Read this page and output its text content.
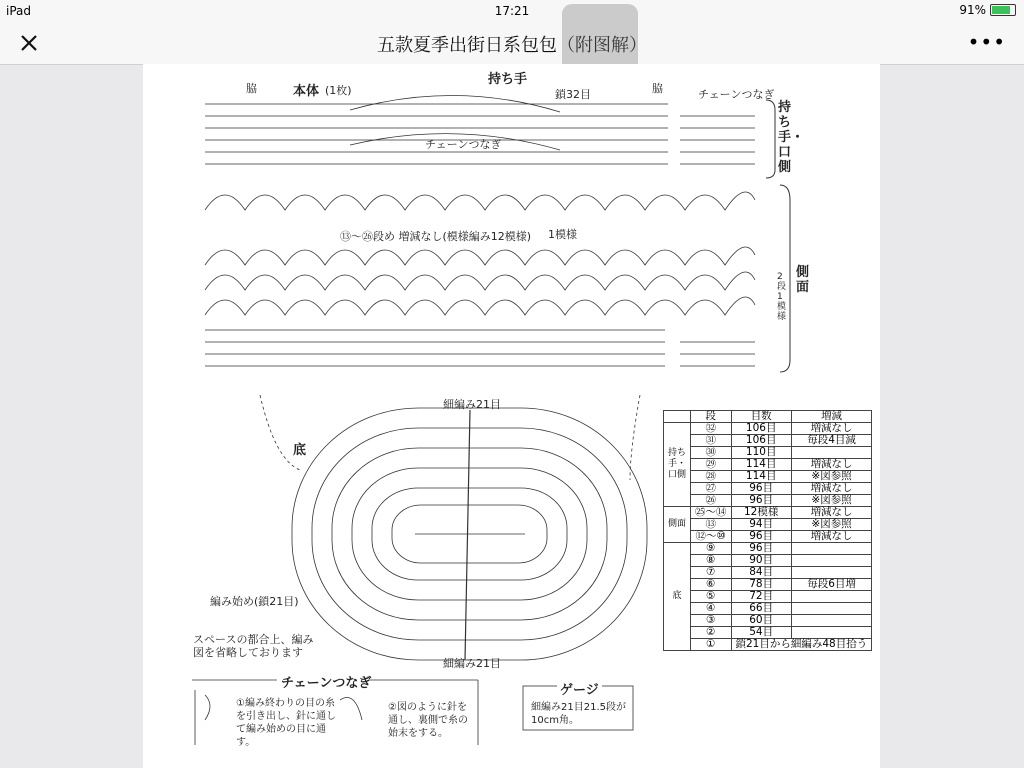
iPad	17:21	91%
五款夏季出街日系包包（附图解）	•••
本体 (1枚)
持ち手
脇	脇
鎖32目	チェーンつなぎ
チェーンつなぎ
持ち手・口側
側面
⑬〜㉖段め 増減なし(模様編み12模様) 1模様
2段1模様
細編み21目
細編み21目
底
編み始め(鎖21目)
スペースの都合上、編み図を省略しております
チェーンつなぎ
①編み終わりの目の糸を引き出し、針に通して編み始めの目に通す。
②図のように針を通し、裏側で糸の始末をする。
ゲージ
細編み21目21.5段が10cm角。
	段	目数	増減
持ち手・口側	㉜	106目	増減なし
	㉛	106目	毎段4目減
	㉚	110目	
	㉙	114目	増減なし
	㉘	114目	※図参照
	㉗	96目	増減なし
	㉖	96目	※図参照
側面	㉕〜⑭	12模様	増減なし
	⑬	94目	※図参照
	⑫〜⑩	96目	増減なし
底	⑨	96目	
	⑧	90目	
	⑦	84目	
	⑥	78目	毎段6目増
	⑤	72目	
	④	66目	
	③	60目	
	②	54目	
	①	鎖21目から細編み48目拾う	
